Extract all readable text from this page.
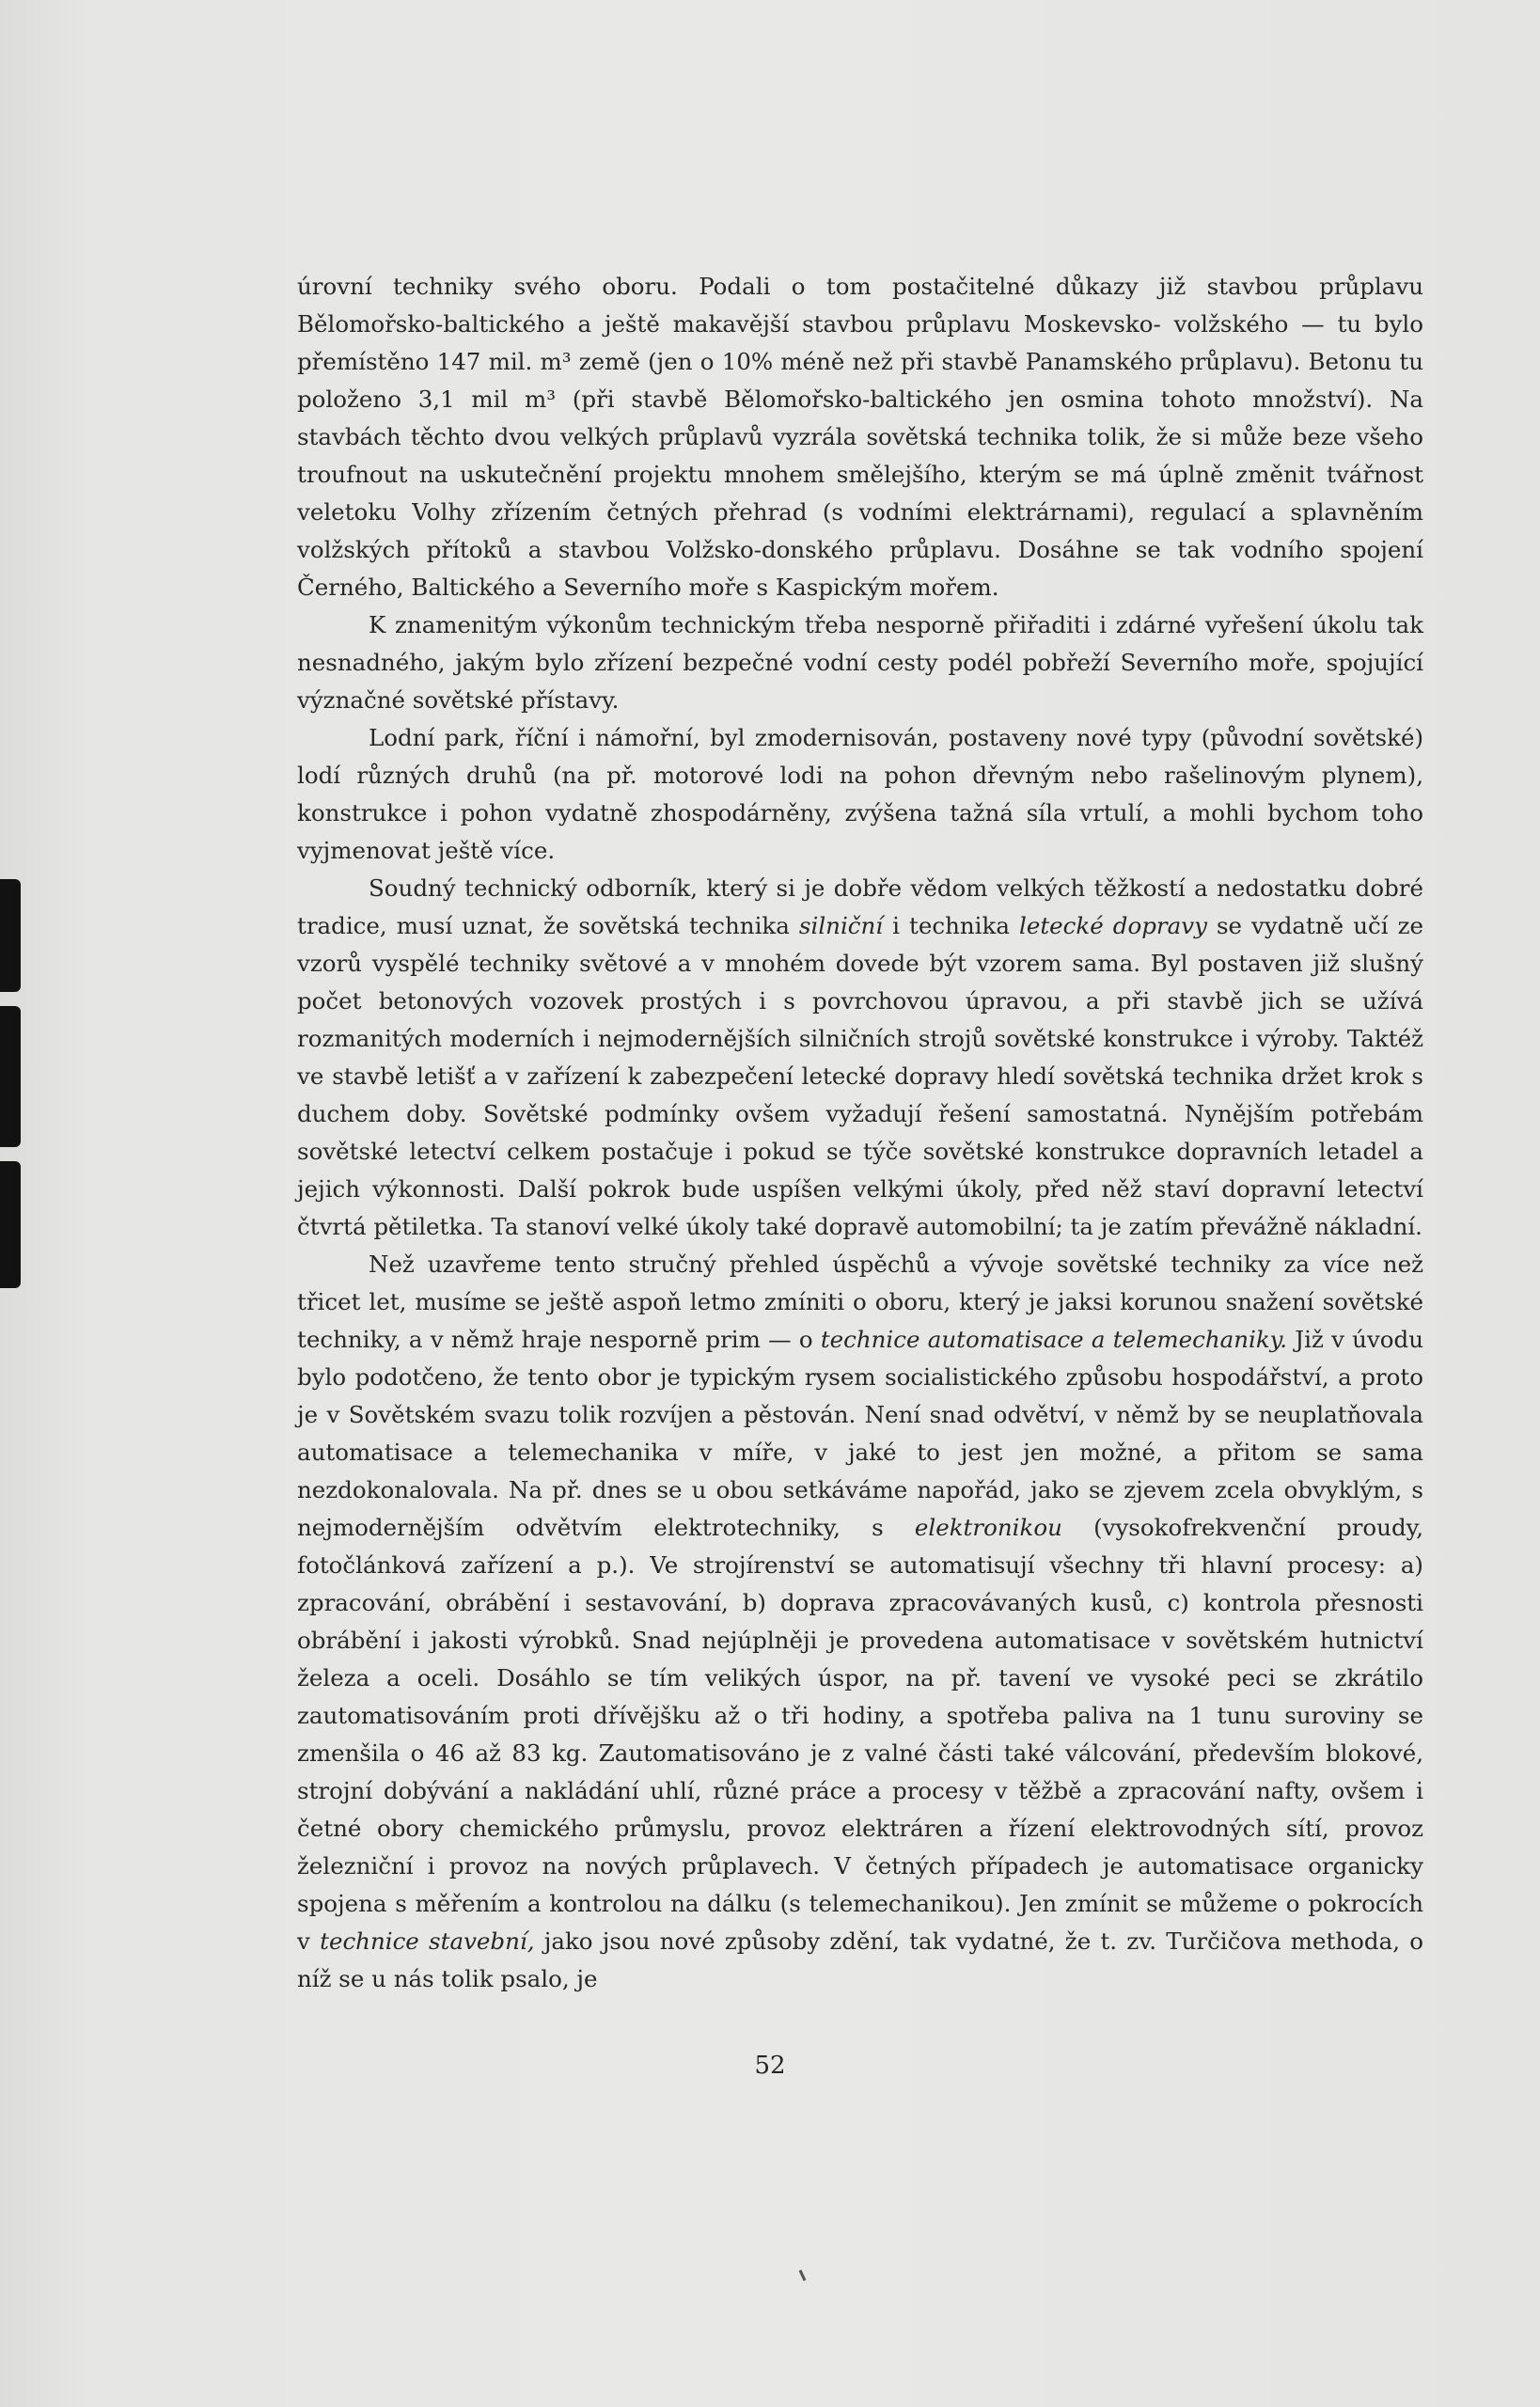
úrovní techniky svého oboru. Podali o tom postačitelné důkazy již stavbou průplavu Bělomořsko-baltického a ještě makavější stavbou průplavu Moskevsko- volžského — tu bylo přemístěno 147 mil. m³ země (jen o 10% méně než při stavbě Panamského průplavu). Betonu tu položeno 3,1 mil m³ (při stavbě Bělomořsko-baltického jen osmina tohoto množství). Na stavbách těchto dvou velkých průplavů vyzrála sovětská technika tolik, že si může beze všeho troufnout na uskutečnění projektu mnohem smělejšího, kterým se má úplně změnit tvářnost veletoku Volhy zřízením četných přehrad (s vodními elektrárnami), regulací a splavněním volžských přítoků a stavbou Volžsko-donského průplavu. Dosáhne se tak vodního spojení Černého, Baltického a Severního moře s Kaspickým mořem.

K znamenitým výkonům technickým třeba nesporně přiřaditi i zdárné vyřešení úkolu tak nesnadného, jakým bylo zřízení bezpečné vodní cesty podél pobřeží Severního moře, spojující význačné sovětské přístavy.

Lodní park, říční i námořní, byl zmodernisován, postaveny nové typy (původní sovětské) lodí různých druhů (na př. motorové lodi na pohon dřevným nebo rašelinovým plynem), konstrukce i pohon vydatně zhospodárněny, zvýšena tažná síla vrtulí, a mohli bychom toho vyjmenovat ještě více.

Soudný technický odborník, který si je dobře vědom velkých těžkostí a nedostatku dobré tradice, musí uznat, že sovětská technika silniční i technika letecké dopravy se vydatně učí ze vzorů vyspělé techniky světové a v mnohém dovede být vzorem sama. Byl postaven již slušný počet betonových vozovek prostých i s povrchovou úpravou, a při stavbě jich se užívá rozmanitých moderních i nejmodernějších silničních strojů sovětské konstrukce i výroby. Taktéž ve stavbě letišť a v zařízení k zabezpečení letecké dopravy hledí sovětská technika držet krok s duchem doby. Sovětské podmínky ovšem vyžadují řešení samostatná. Nynějším potřebám sovětské letectví celkem postačuje i pokud se týče sovětské konstrukce dopravních letadel a jejich výkonnosti. Další pokrok bude uspíšen velkými úkoly, před něž staví dopravní letectví čtvrtá pětiletka. Ta stanoví velké úkoly také dopravě automobilní; ta je zatím převážně nákladní.

Než uzavřeme tento stručný přehled úspěchů a vývoje sovětské techniky za více než třicet let, musíme se ještě aspoň letmo zmíniti o oboru, který je jaksi korunou snažení sovětské techniky, a v němž hraje nesporně prim — o technice automatisace a telemechaniky. Již v úvodu bylo podotčeno, že tento obor je typickým rysem socialistického způsobu hospodářství, a proto je v Sovětském svazu tolik rozvíjen a pěstován. Není snad odvětví, v němž by se neuplatňovala automatisace a telemechanika v míře, v jaké to jest jen možné, a přitom se sama nezdokonalovala. Na př. dnes se u obou setkáváme napořád, jako se zjevem zcela obvyklým, s nejmodernějším odvětvím elektrotechniky, s elektronikou (vysokofrekvenční proudy, fotočlánková zařízení a p.). Ve strojírenství se automatisují všechny tři hlavní procesy: a) zpracování, obrábění i sestavování, b) doprava zpracovávaných kusů, c) kontrola přesnosti obrábění i jakosti výrobků. Snad nejúplněji je provedena automatisace v sovětském hutnictví železa a oceli. Dosáhlo se tím velikých úspor, na př. tavení ve vysoké peci se zkrátilo zautomatisováním proti dřívějšku až o tři hodiny, a spotřeba paliva na 1 tunu suroviny se zmenšila o 46 až 83 kg. Zautomatisováno je z valné části také válcování, především blokové, strojní dobývání a nakládání uhlí, různé práce a procesy v těžbě a zpracování nafty, ovšem i četné obory chemického průmyslu, provoz elektráren a řízení elektrovodných sítí, provoz železniční i provoz na nových průplavech. V četných případech je automatisace organicky spojena s měřením a kontrolou na dálku (s telemechanikou). Jen zmínit se můžeme o pokrocích v technice stavební, jako jsou nové způsoby zdění, tak vydatné, že t. zv. Turčičova methoda, o níž se u nás tolik psalo, je

52
